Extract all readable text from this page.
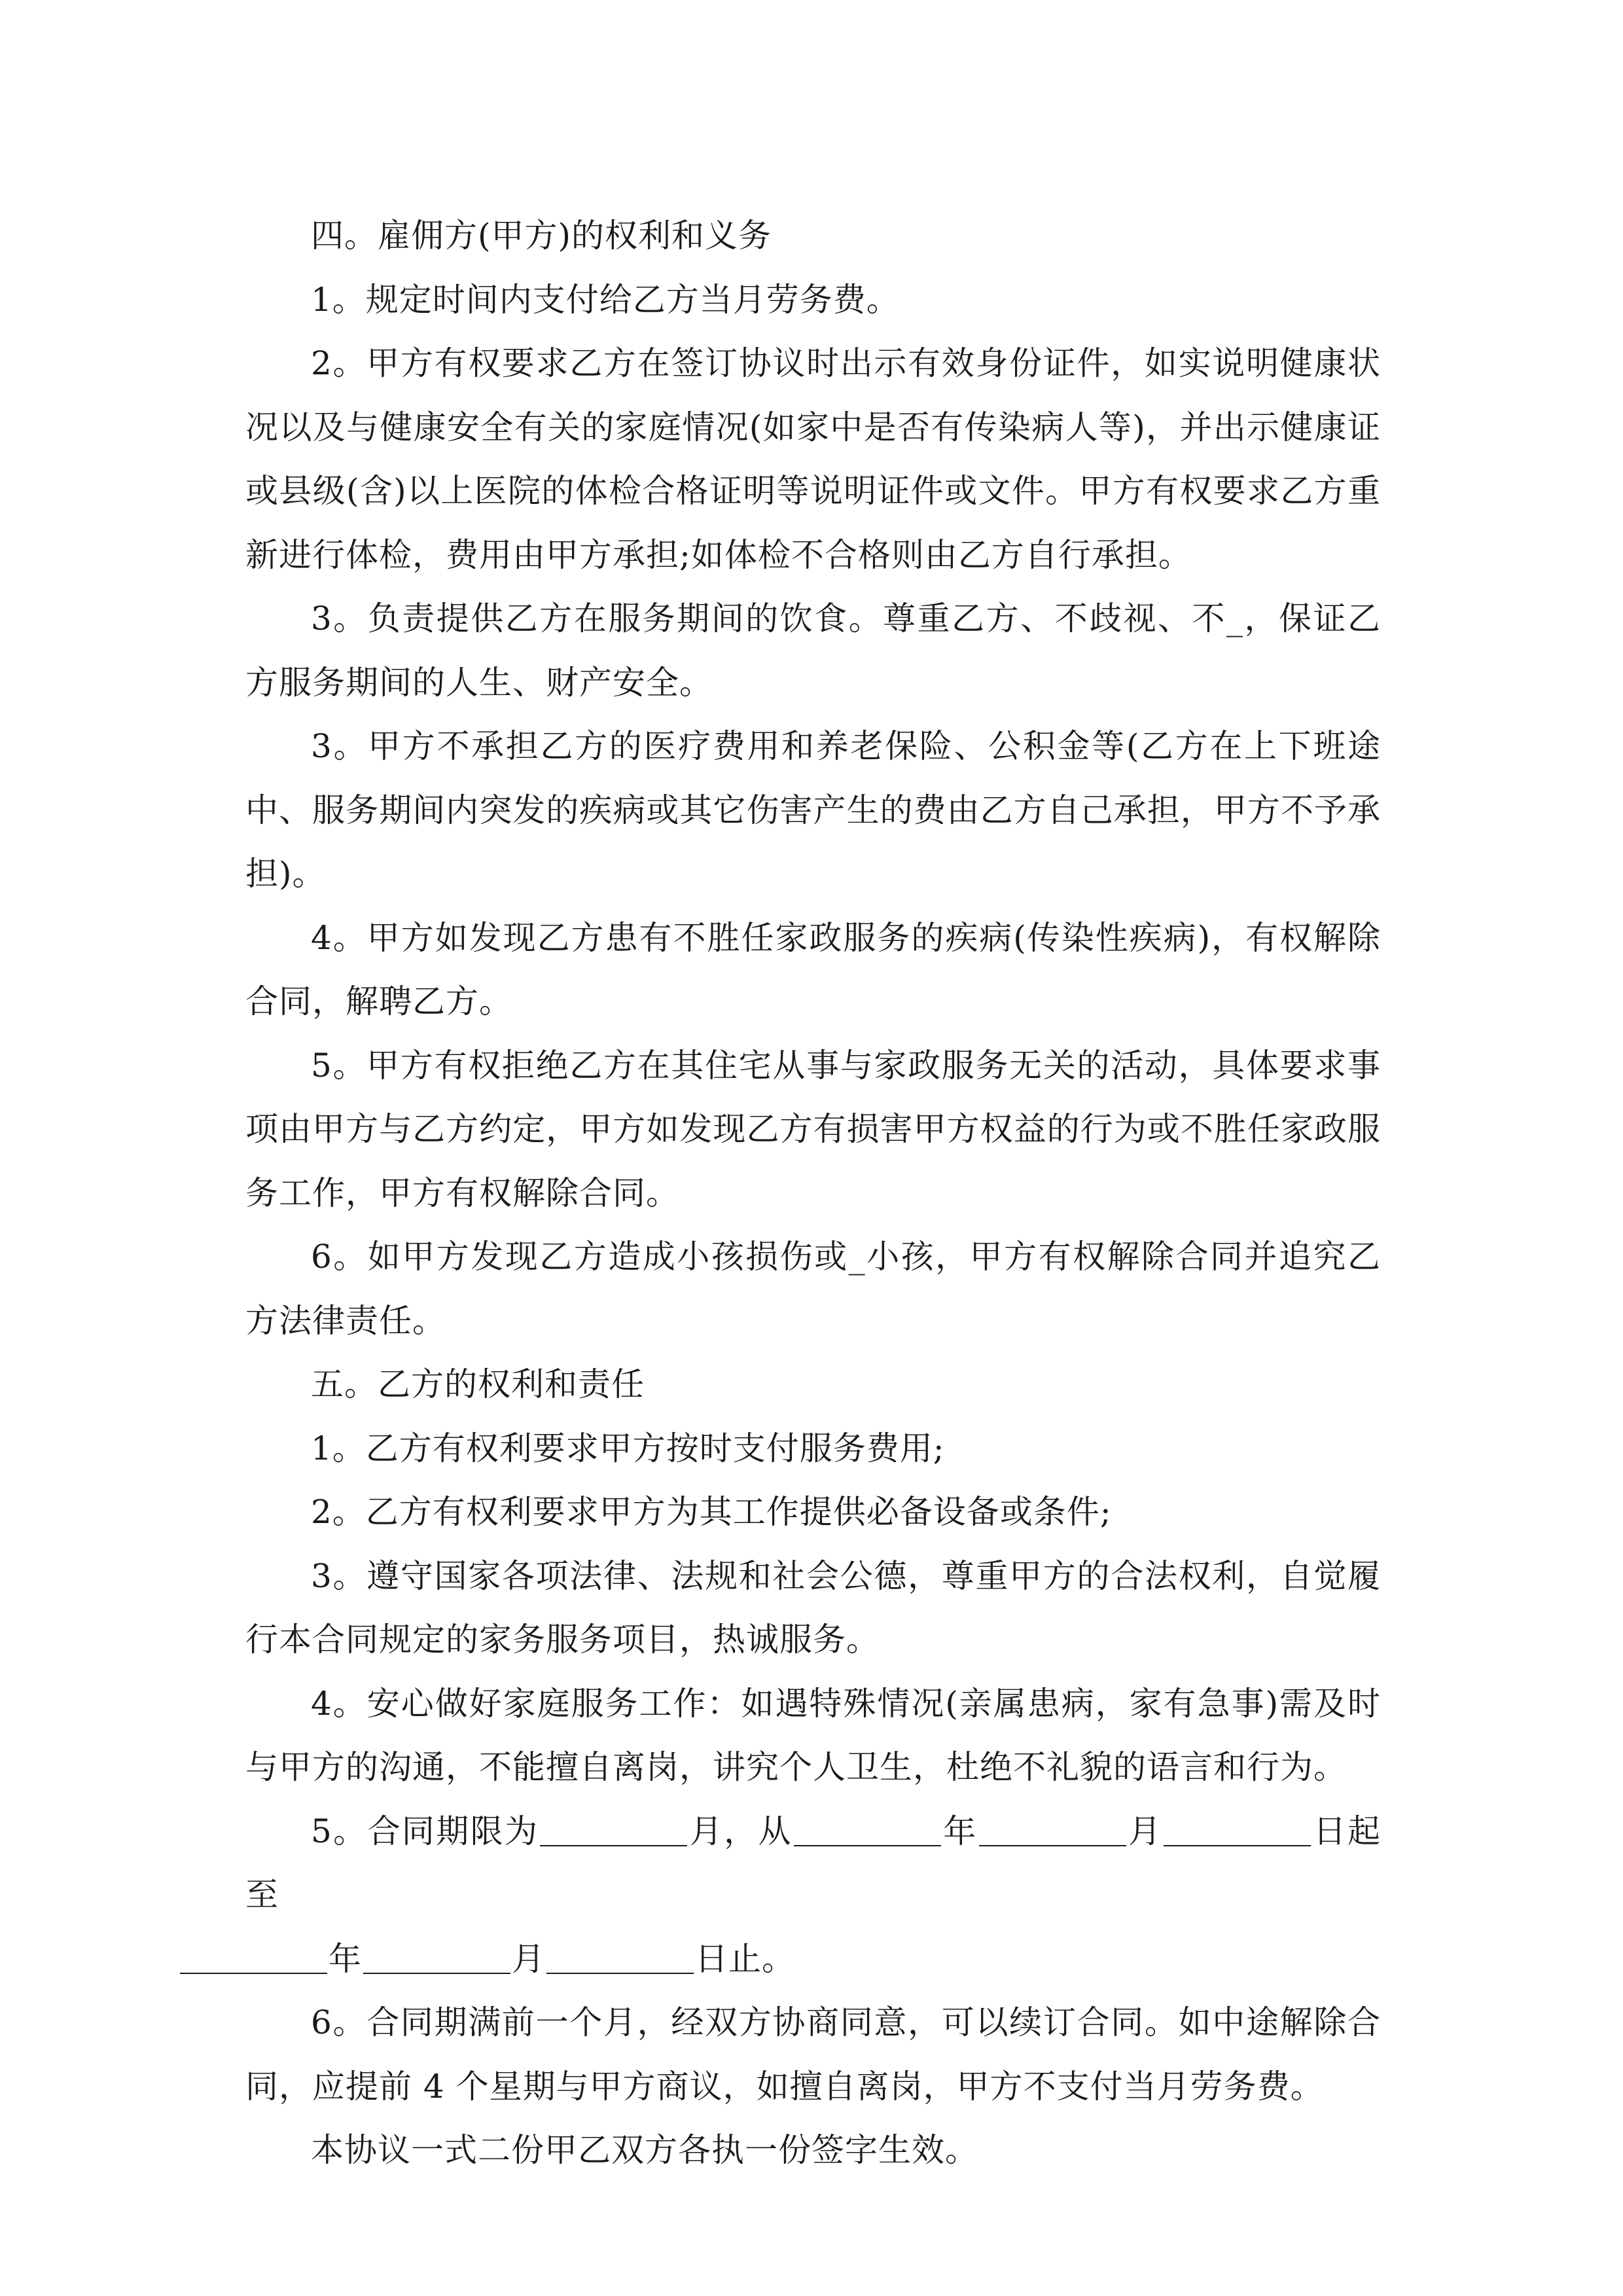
四。雇佣方(甲方)的权利和义务

1。规定时间内支付给乙方当月劳务费。

2。甲方有权要求乙方在签订协议时出示有效身份证件，如实说明健康状况以及与健康安全有关的家庭情况(如家中是否有传染病人等)，并出示健康证或县级(含)以上医院的体检合格证明等说明证件或文件。甲方有权要求乙方重新进行体检，费用由甲方承担;如体检不合格则由乙方自行承担。

3。负责提供乙方在服务期间的饮食。尊重乙方、不歧视、不_，保证乙方服务期间的人生、财产安全。

3。甲方不承担乙方的医疗费用和养老保险、公积金等(乙方在上下班途中、服务期间内突发的疾病或其它伤害产生的费由乙方自己承担，甲方不予承担)。

4。甲方如发现乙方患有不胜任家政服务的疾病(传染性疾病)，有权解除合同，解聘乙方。

5。甲方有权拒绝乙方在其住宅从事与家政服务无关的活动，具体要求事项由甲方与乙方约定，甲方如发现乙方有损害甲方权益的行为或不胜任家政服务工作，甲方有权解除合同。

6。如甲方发现乙方造成小孩损伤或_小孩，甲方有权解除合同并追究乙方法律责任。

五。乙方的权利和责任

1。乙方有权利要求甲方按时支付服务费用;

2。乙方有权利要求甲方为其工作提供必备设备或条件;

3。遵守国家各项法律、法规和社会公德，尊重甲方的合法权利，自觉履行本合同规定的家务服务项目，热诚服务。

4。安心做好家庭服务工作：如遇特殊情况(亲属患病，家有急事)需及时与甲方的沟通，不能擅自离岗，讲究个人卫生，杜绝不礼貌的语言和行为。

5。合同期限为	月，从	年	月	日起至
年	月	日止。

6。合同期满前一个月，经双方协商同意，可以续订合同。如中途解除合同，应提前 4 个星期与甲方商议，如擅自离岗，甲方不支付当月劳务费。

本协议一式二份甲乙双方各执一份签字生效。
